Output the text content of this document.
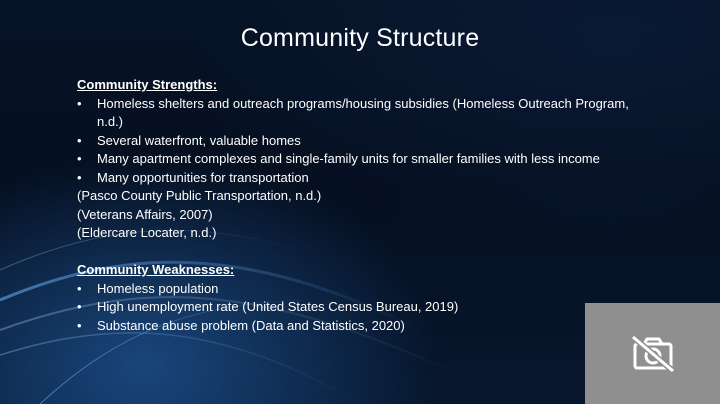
Community Structure

Community Strengths:

• Homeless shelters and outreach programs/housing subsidies (Homeless Outreach Program, n.d.)
• Several waterfront, valuable homes
• Many apartment complexes and single-family units for smaller families with less income
• Many opportunities for transportation

(Pasco County Public Transportation, n.d.)

(Veterans Affairs, 2007)

(Eldercare Locater, n.d.)

Community Weaknesses:

• Homeless population
• High unemployment rate (United States Census Bureau, 2019)
• Substance abuse problem (Data and Statistics, 2020)
